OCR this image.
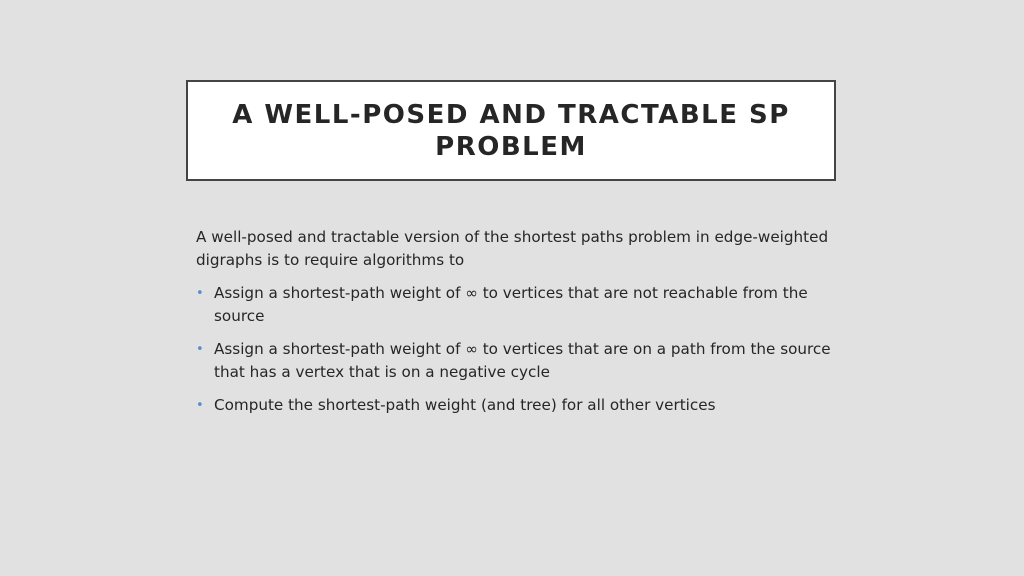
A WELL-POSED AND TRACTABLE SP PROBLEM

A well-posed and tractable version of the shortest paths problem in edge-weighted digraphs is to require algorithms to

• Assign a shortest-path weight of ∞ to vertices that are not reachable from the source
• Assign a shortest-path weight of ∞ to vertices that are on a path from the source that has a vertex that is on a negative cycle
• Compute the shortest-path weight (and tree) for all other vertices
